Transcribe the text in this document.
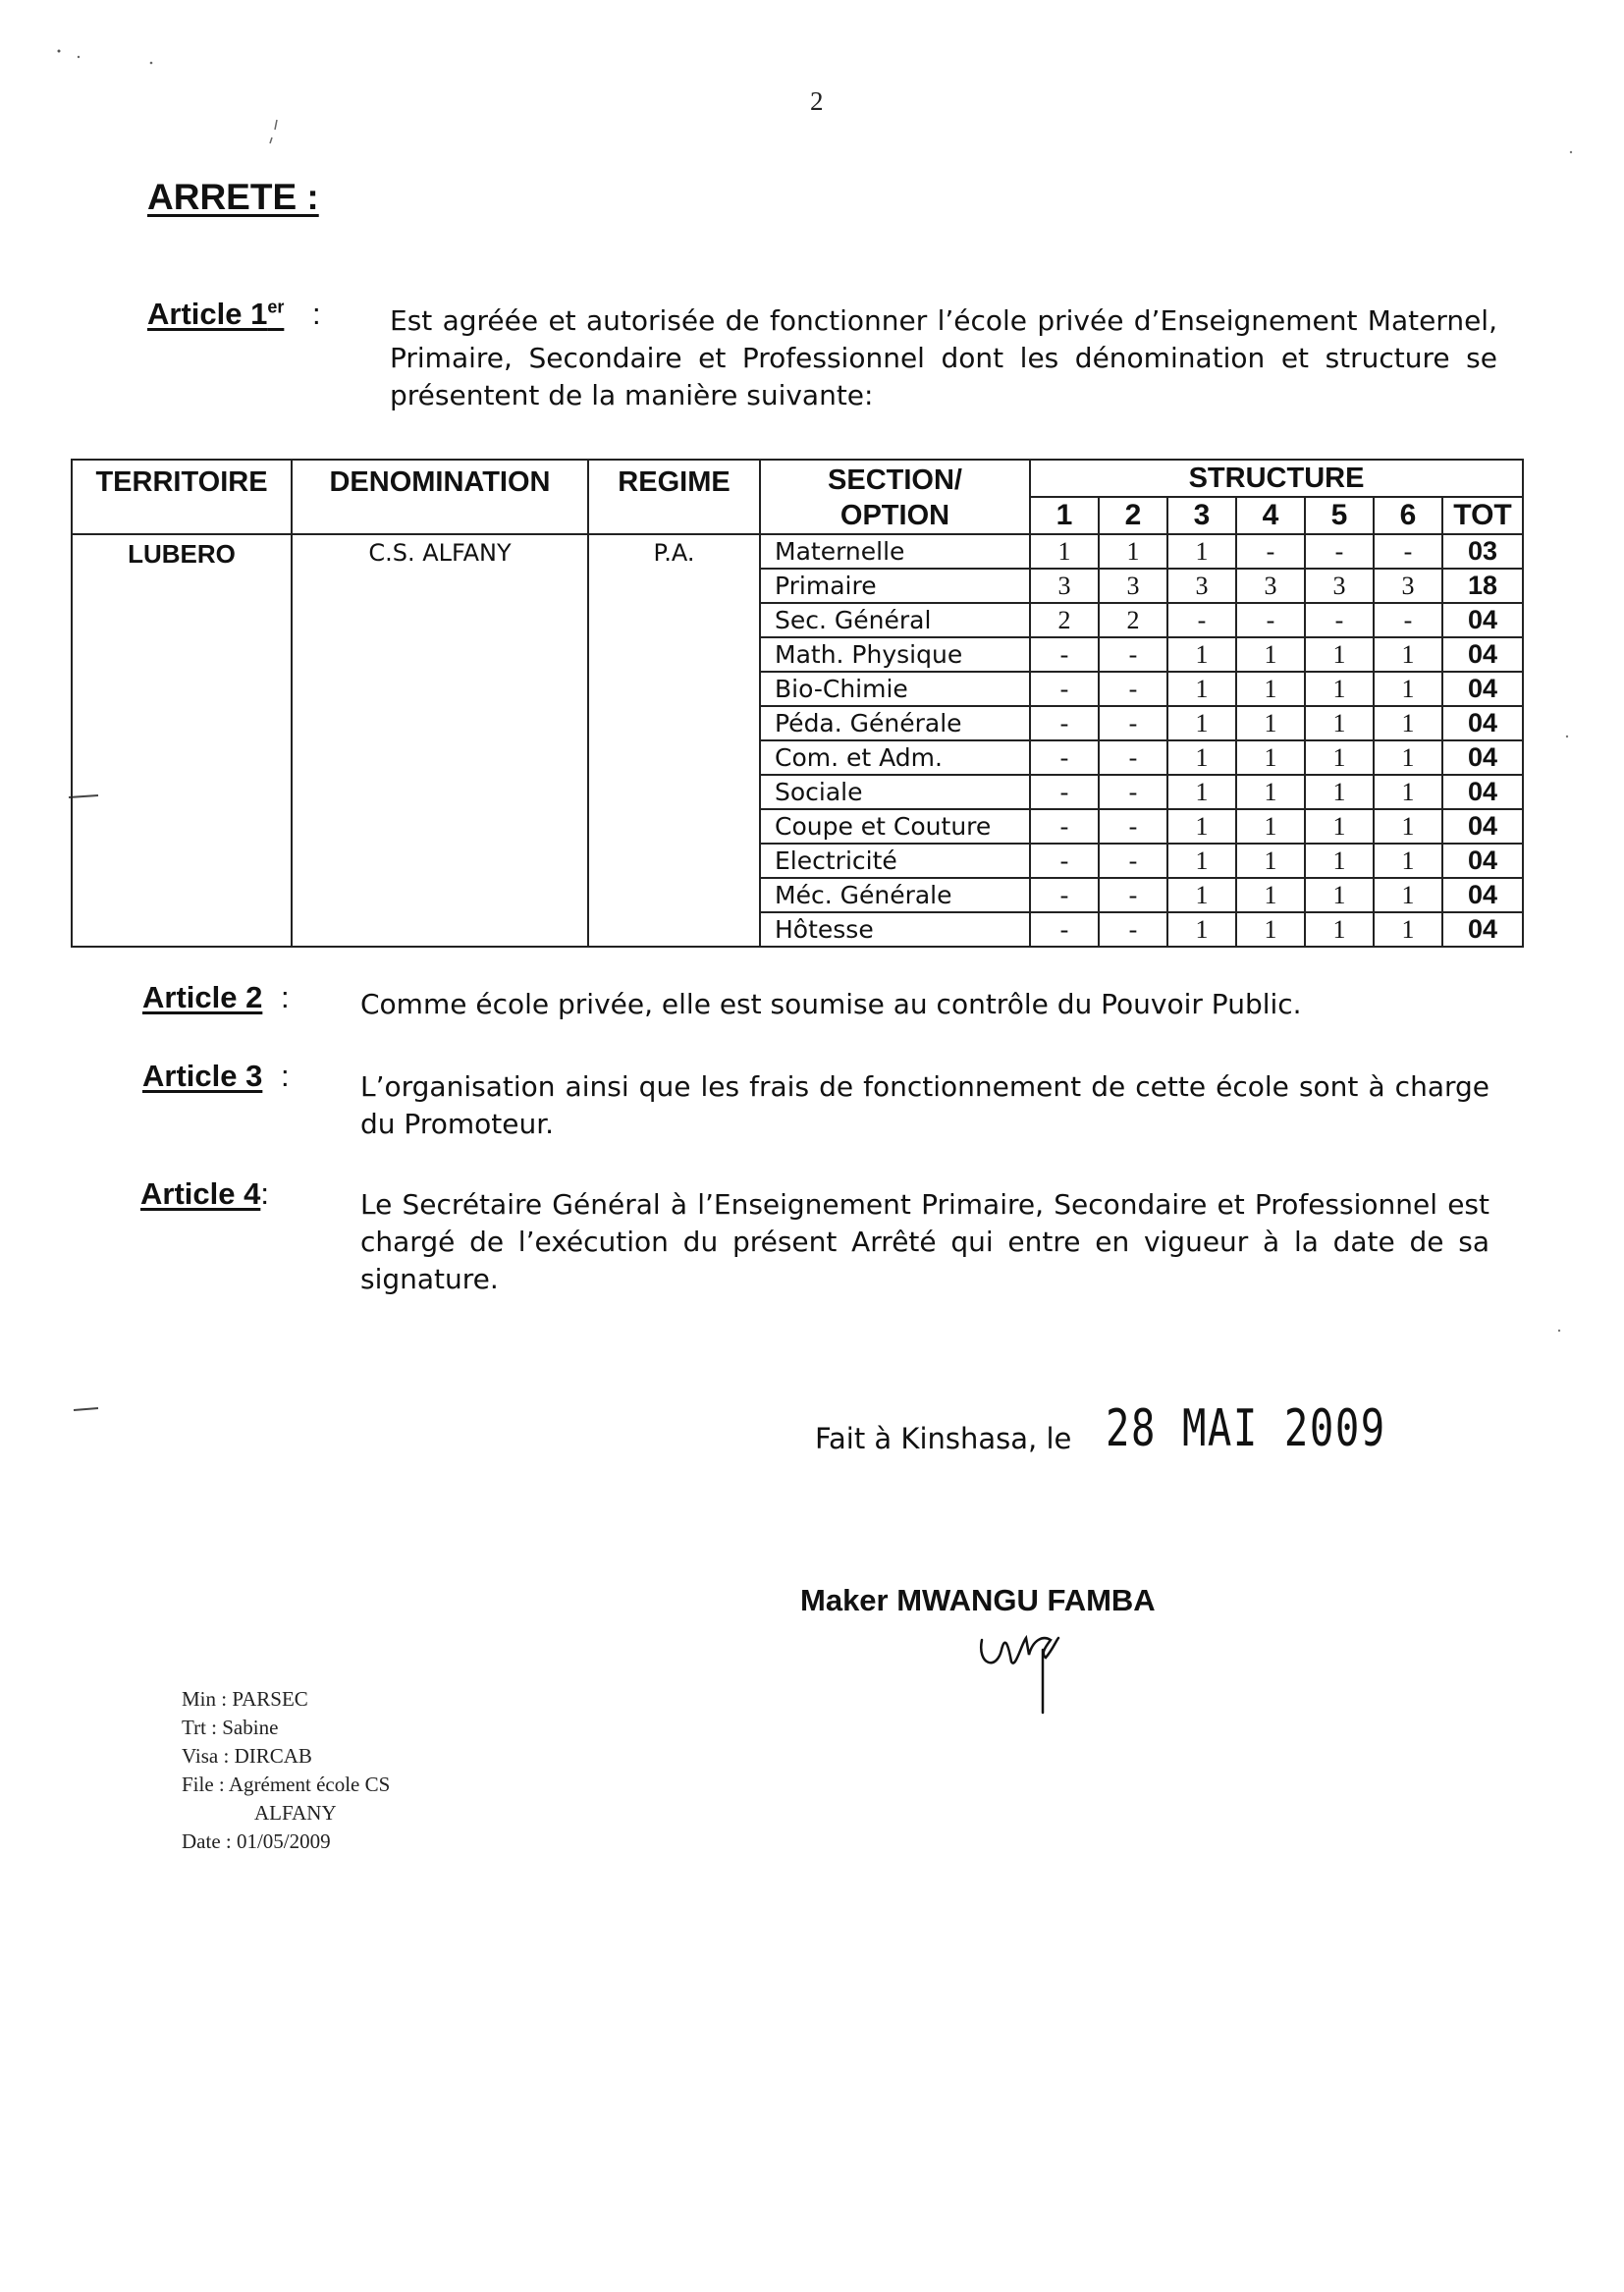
2
ARRETE :
Article 1er :	Est agréée et autorisée de fonctionner l’école privée d’Enseignement Maternel, Primaire, Secondaire et Professionnel dont les dénomination et structure se présentent de la manière suivante:
TERRITOIRE	DENOMINATION	REGIME	SECTION/ OPTION	STRUCTURE						
				1	2	3	4	5	6	TOT
LUBERO	C.S. ALFANY	P.A.	Maternelle	1	1	1	-	-	-	03
			Primaire	3	3	3	3	3	3	18
			Sec. Général	2	2	-	-	-	-	04
			Math. Physique	-	-	1	1	1	1	04
			Bio-Chimie	-	-	1	1	1	1	04
			Péda. Générale	-	-	1	1	1	1	04
			Com. et Adm.	-	-	1	1	1	1	04
			Sociale	-	-	1	1	1	1	04
			Coupe et Couture	-	-	1	1	1	1	04
			Electricité	-	-	1	1	1	1	04
			Méc. Générale	-	-	1	1	1	1	04
			Hôtesse	-	-	1	1	1	1	04
Article 2 :	Comme école privée, elle est soumise au contrôle du Pouvoir Public.
Article 3 :	L’organisation ainsi que les frais de fonctionnement de cette école sont à charge du Promoteur.
Article 4:	Le Secrétaire Général à l’Enseignement Primaire, Secondaire et Professionnel est chargé de l’exécution du présent Arrêté qui entre en vigueur à la date de sa signature.
Fait à Kinshasa, le 28 MAI 2009
Maker MWANGU FAMBA
Min : PARSEC
Trt : Sabine
Visa : DIRCAB
File : Agrément école CS
ALFANY
Date : 01/05/2009
